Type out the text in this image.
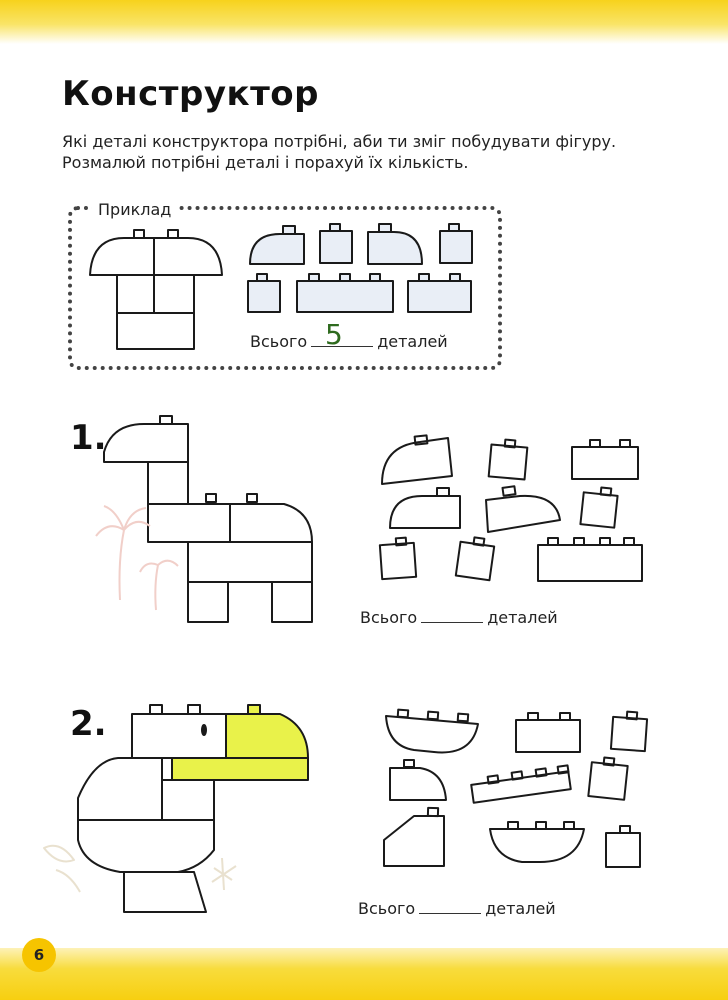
6
Конструктор
Які деталі конструктора потрібні, аби ти зміг побудувати фігуру.
Розмалюй потрібні деталі і порахуй їх кількість.
Приклад
Всього	деталей
5
1.
Всього	деталей
2.
Всього	деталей
